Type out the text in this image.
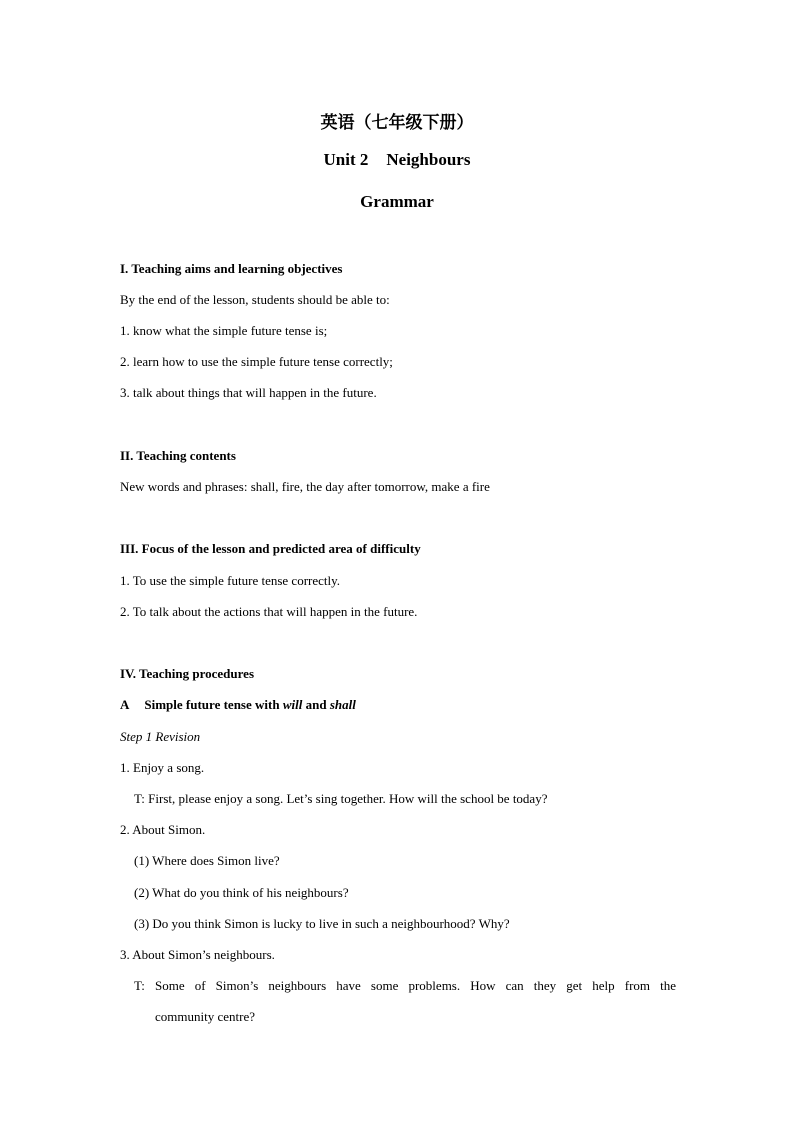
英语（七年级下册）
Unit 2 Neighbours
Grammar
I. Teaching aims and learning objectives
By the end of the lesson, students should be able to:
1. know what the simple future tense is;
2. learn how to use the simple future tense correctly;
3. talk about things that will happen in the future.
II. Teaching contents
New words and phrases: shall, fire, the day after tomorrow, make a fire
III. Focus of the lesson and predicted area of difficulty
1. To use the simple future tense correctly.
2. To talk about the actions that will happen in the future.
IV. Teaching procedures
A Simple future tense with will and shall
Step 1 Revision
1. Enjoy a song.
T: First, please enjoy a song. Let’s sing together. How will the school be today?
2. About Simon.
(1) Where does Simon live?
(2) What do you think of his neighbours?
(3) Do you think Simon is lucky to live in such a neighbourhood? Why?
3. About Simon’s neighbours.
T: Some of Simon’s neighbours have some problems. How can they get help from the
community centre?
